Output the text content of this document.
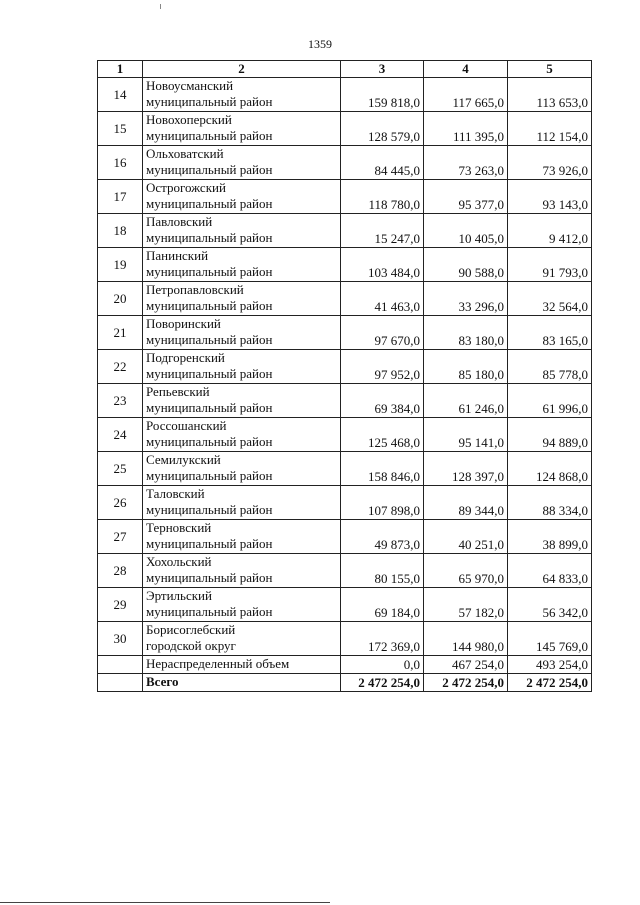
1359
1	2	3	4	5
14	Новоусманский
муниципальный район	159 818,0	117 665,0	113 653,0
15	Новохоперский
муниципальный район	128 579,0	111 395,0	112 154,0
16	Ольховатский
муниципальный район	84 445,0	73 263,0	73 926,0
17	Острогожский
муниципальный район	118 780,0	95 377,0	93 143,0
18	Павловский
муниципальный район	15 247,0	10 405,0	9 412,0
19	Панинский
муниципальный район	103 484,0	90 588,0	91 793,0
20	Петропавловский
муниципальный район	41 463,0	33 296,0	32 564,0
21	Поворинский
муниципальный район	97 670,0	83 180,0	83 165,0
22	Подгоренский
муниципальный район	97 952,0	85 180,0	85 778,0
23	Репьевский
муниципальный район	69 384,0	61 246,0	61 996,0
24	Россошанский
муниципальный район	125 468,0	95 141,0	94 889,0
25	Семилукский
муниципальный район	158 846,0	128 397,0	124 868,0
26	Таловский
муниципальный район	107 898,0	89 344,0	88 334,0
27	Терновский
муниципальный район	49 873,0	40 251,0	38 899,0
28	Хохольский
муниципальный район	80 155,0	65 970,0	64 833,0
29	Эртильский
муниципальный район	69 184,0	57 182,0	56 342,0
30	Борисоглебский
городской округ	172 369,0	144 980,0	145 769,0
	Нераспределенный объем	0,0	467 254,0	493 254,0
	Всего	2 472 254,0	2 472 254,0	2 472 254,0
